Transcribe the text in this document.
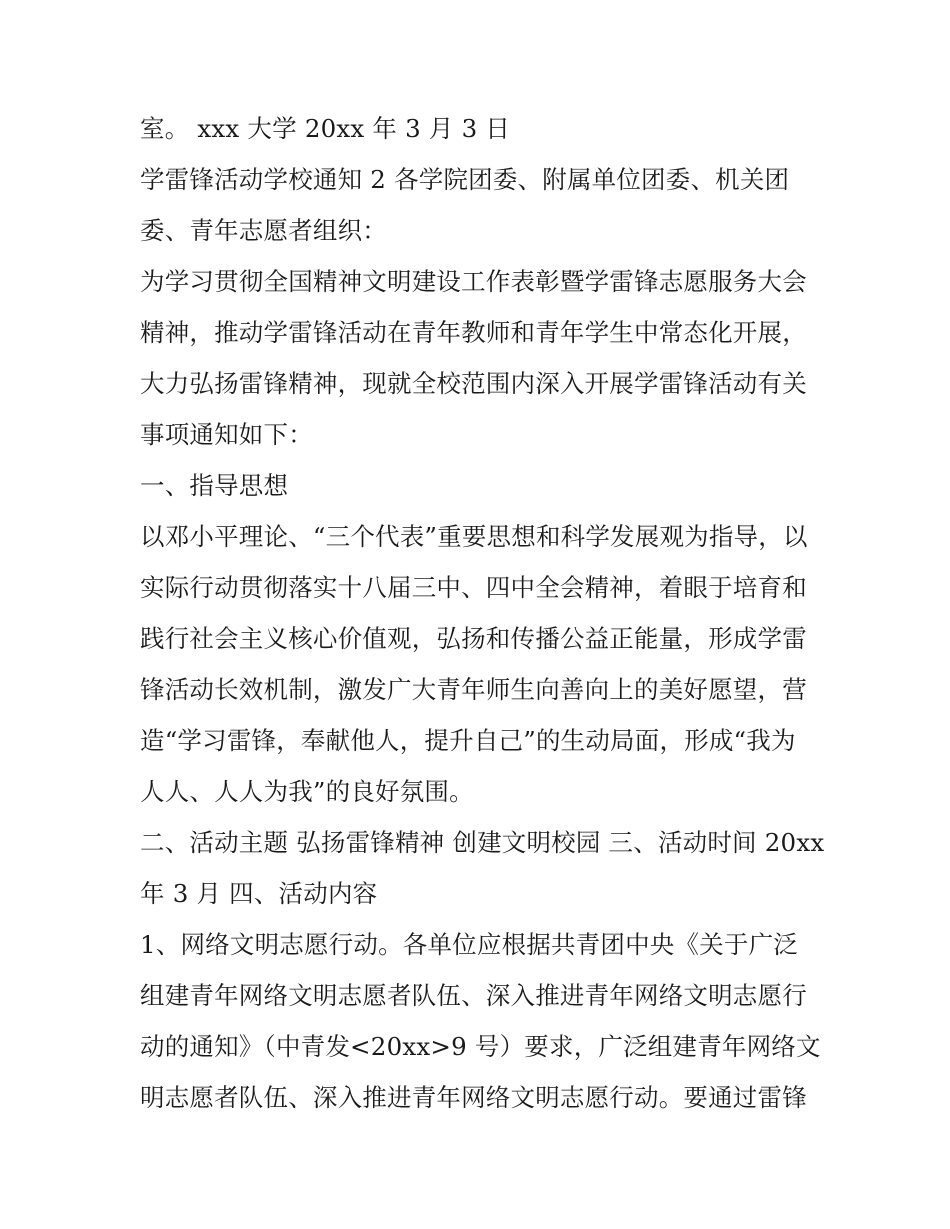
室。 xxx 大学 20xx 年 3 月 3 日
学雷锋活动学校通知 2 各学院团委、附属单位团委、机关团
委、青年志愿者组织：
为学习贯彻全国精神文明建设工作表彰暨学雷锋志愿服务大会
精神，推动学雷锋活动在青年教师和青年学生中常态化开展，
大力弘扬雷锋精神，现就全校范围内深入开展学雷锋活动有关
事项通知如下：
一、指导思想
以邓小平理论、“三个代表”重要思想和科学发展观为指导，以
实际行动贯彻落实十八届三中、四中全会精神，着眼于培育和
践行社会主义核心价值观，弘扬和传播公益正能量，形成学雷
锋活动长效机制，激发广大青年师生向善向上的美好愿望，营
造“学习雷锋，奉献他人，提升自己”的生动局面，形成“我为
人人、人人为我”的良好氛围。
二、活动主题 弘扬雷锋精神 创建文明校园 三、活动时间 20xx
年 3 月 四、活动内容
1、网络文明志愿行动。各单位应根据共青团中央《关于广泛
组建青年网络文明志愿者队伍、深入推进青年网络文明志愿行
动的通知》（中青发<20xx>9 号）要求，广泛组建青年网络文
明志愿者队伍、深入推进青年网络文明志愿行动。要通过雷锋
